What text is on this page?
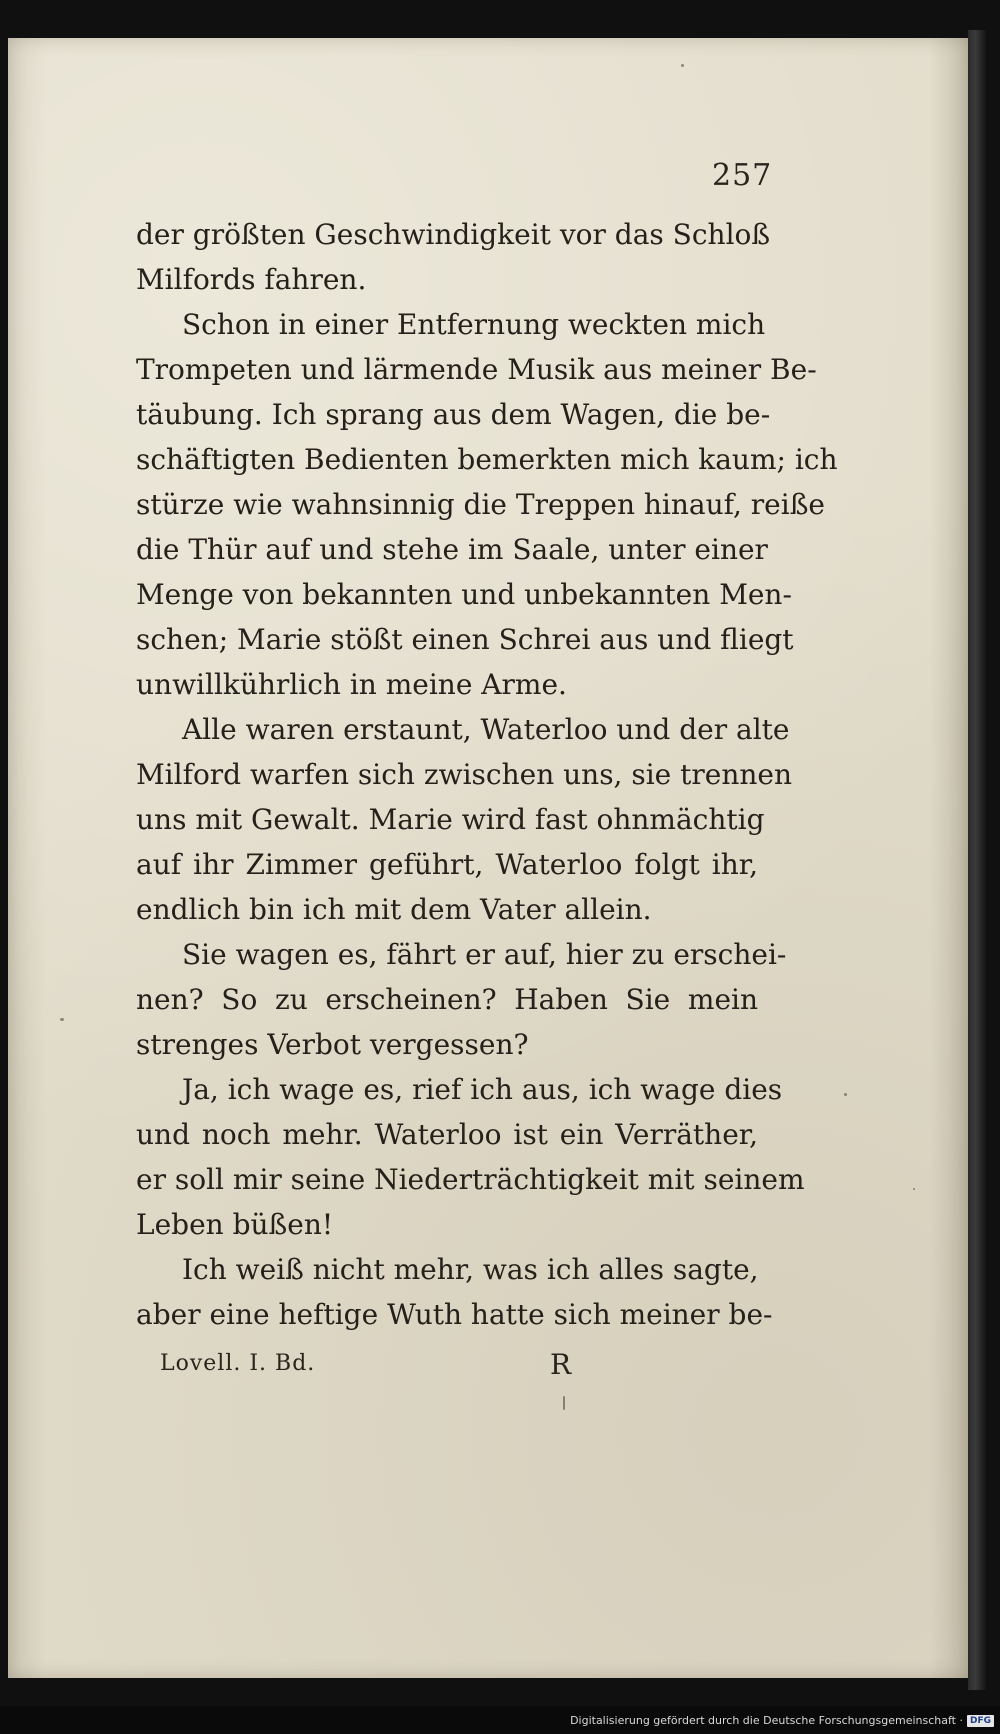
257
der größten Geschwindigkeit vor das Schloß
Milfords fahren.
Schon in einer Entfernung weckten mich
Trompeten und lärmende Musik aus meiner Be-
täubung. Ich sprang aus dem Wagen, die be-
schäftigten Bedienten bemerkten mich kaum; ich
stürze wie wahnsinnig die Treppen hinauf, reiße
die Thür auf und stehe im Saale, unter einer
Menge von bekannten und unbekannten Men-
schen; Marie stößt einen Schrei aus und fliegt
unwillkührlich in meine Arme.
Alle waren erstaunt, Waterloo und der alte
Milford warfen sich zwischen uns, sie trennen
uns mit Gewalt. Marie wird fast ohnmächtig
auf ihr Zimmer geführt, Waterloo folgt ihr,
endlich bin ich mit dem Vater allein.
Sie wagen es, fährt er auf, hier zu erschei-
nen? So zu erscheinen? Haben Sie mein
strenges Verbot vergessen?
Ja, ich wage es, rief ich aus, ich wage dies
und noch mehr. Waterloo ist ein Verräther,
er soll mir seine Niederträchtigkeit mit seinem
Leben büßen!
Ich weiß nicht mehr, was ich alles sagte,
aber eine heftige Wuth hatte sich meiner be-
Lovell. I. Bd.	R
Digitalisierung gefördert durch die Deutsche Forschungsgemeinschaft · DFG
